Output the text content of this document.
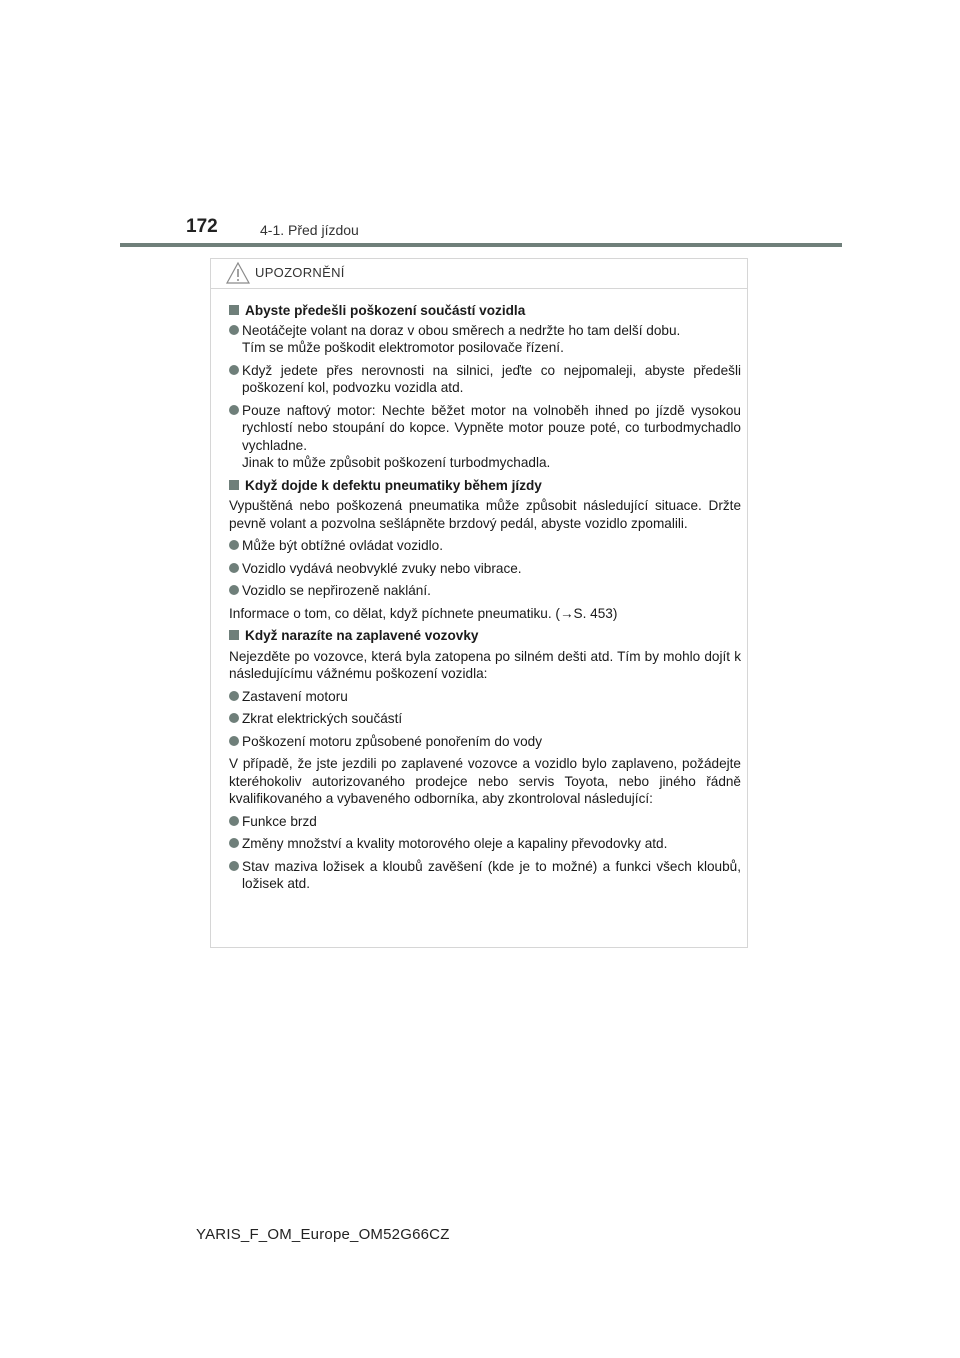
172	4-1. Před jízdou
UPOZORNĚNÍ
Abyste předešli poškození součástí vozidla
Neotáčejte volant na doraz v obou směrech a nedržte ho tam delší dobu.
Tím se může poškodit elektromotor posilovače řízení.
Když jedete přes nerovnosti na silnici, jeďte co nejpomaleji, abyste předešli poškození kol, podvozku vozidla atd.
Pouze naftový motor: Nechte běžet motor na volnoběh ihned po jízdě vysokou rychlostí nebo stoupání do kopce. Vypněte motor pouze poté, co turbodmychadlo vychladne.
Jinak to může způsobit poškození turbodmychadla.
Když dojde k defektu pneumatiky během jízdy
Vypuštěná nebo poškozená pneumatika může způsobit následující situace. Držte pevně volant a pozvolna sešlápněte brzdový pedál, abyste vozidlo zpomalili.
Může být obtížné ovládat vozidlo.
Vozidlo vydává neobvyklé zvuky nebo vibrace.
Vozidlo se nepřirozeně naklání.
Informace o tom, co dělat, když píchnete pneumatiku. (→S. 453)
Když narazíte na zaplavené vozovky
Nejezděte po vozovce, která byla zatopena po silném dešti atd. Tím by mohlo dojít k následujícímu vážnému poškození vozidla:
Zastavení motoru
Zkrat elektrických součástí
Poškození motoru způsobené ponořením do vody
V případě, že jste jezdili po zaplavené vozovce a vozidlo bylo zaplaveno, požádejte kteréhokoliv autorizovaného prodejce nebo servis Toyota, nebo jiného řádně kvalifikovaného a vybaveného odborníka, aby zkontroloval následující:
Funkce brzd
Změny množství a kvality motorového oleje a kapaliny převodovky atd.
Stav maziva ložisek a kloubů zavěšení (kde je to možné) a funkci všech kloubů, ložisek atd.
YARIS_F_OM_Europe_OM52G66CZ
